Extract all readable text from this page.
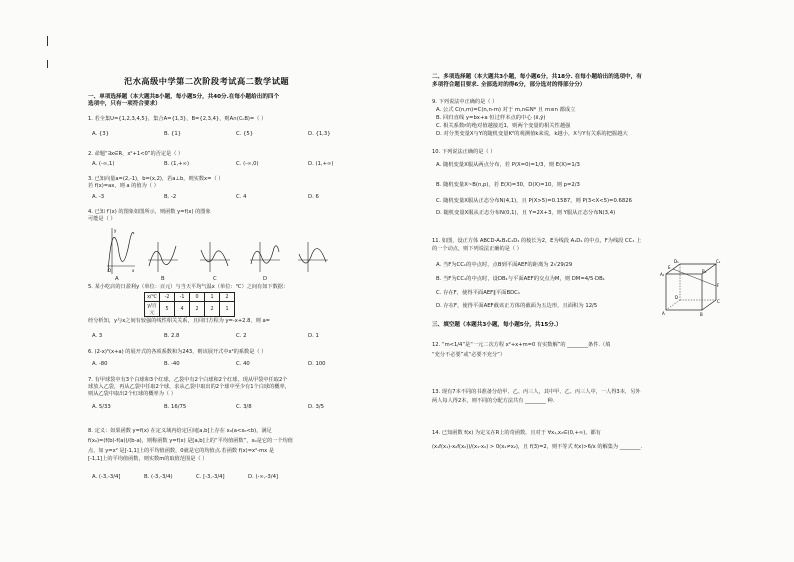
汜水高级中学第二次阶段考试高二数学试题
一、单项选择题（本大题共8小题，每小题5分，共40分.在每小题给出的四个
选项中，只有一项符合要求）
1. 若全集U={1,2,3,4,5}，集合A={1,3}，B={2,3,4}，则A∩(∁ᵤB)=（ ）
A. {3}	B. {1}	C. {5}	D. {1,3}
2. 命题“∃x∈R，x²+1<0”的否定是（ ）
A. (-∞,1)	B. (1,+∞)	C. (-∞,0)	D. (1,+∞)
3. 已知向量a=(2,-1)，b=(x,2)，若a⊥b，则实数x=（ ）
若 f(x)=ax，则 a 的值为（ ）
A. -3	B. -2	C. 4	D. 6
4. 已知 f′(x) 的图象如图所示，则函数 y=f(x) 的图象
可能是（ ）
y
x
O
A	B	C	D
5. 某小吃店的日盈利y（单位：百元）与当天平均气温x（单位：℃）之间有如下数据：
x/℃	-2	-1	0	1	2
y/百元	5	4	2	2	1
经分析知，y与x之间有较强的线性相关关系，且回归方程为 y=-x+2.8，则 a=
A. 3	B. 2.8	C. 2	D. 1
6. (2-x)⁵(x+a) 的展开式的各项系数和为243，则该展开式中x²的系数是（ ）
A. -80	B. -40	C. 40	D. 100
7. 有甲球袋中有3个白球和3个红球，乙袋中有2个白球和2个红球，现从甲袋中任取2个
球放入乙袋，再从乙袋中任取2个球，求从乙袋中取出的2个球中至少有1个白球的概率，
则从乙袋中取出2个红球的概率为（ ）
A. 5/33	B. 16/75	C. 3/8	D. 3/5
8. 定义：如果函数 y=f(x) 在定义域内给定区间[a,b]上存在 x₀(a<x₀<b)，满足
f(x₀)=(f(b)-f(a))/(b-a)，则称函数 y=f(x) 是[a,b]上的“平均值函数”，x₀是它的一个均值
点，如 y=x² 是[-1,1]上的平均值函数，0就是它的均值点.若函数 f(x)=x²-mx 是
[-1,1]上的平均值函数，则实数m的取值范围是（ ）
A. (-3,-3/4]	B. (-3,-3/4)	C. [-3,-3/4]	D. (-∞,-3/4]
二、多项选择题（本大题共3小题，每小题6分，共18分. 在每小题给出的选项中，有
多项符合题目要求. 全部选对的得6分，部分选对的得部分分）
9. 下列说法中正确的是（ ）
A. 公式 C(n,m)=C(n,n-m) 对于 m,n∈N* 且 m≤n 都成立
B. 回归直线 y=bx+a 恒过样本点的中心 (x̄,ȳ)
C. 相关系数r的绝对值越接近1，则两个变量的相关性越强
D. 对分类变量X与Y的随机变量K²的观测值k来说，k越小，X与Y有关系的把握越大
10. 下列说法正确的是（ ）
A. 随机变量X服从两点分布，若 P(X=0)=1/3，则 E(X)=1/3
B. 随机变量X~B(n,p)，若 E(X)=30，D(X)=10，则 p=2/3
C. 随机变量X服从正态分布N(4,1)，且 P(X>5)=0.1587，则 P(3<X<5)=0.6826
D. 随机变量X服从正态分布N(0,1)，且 Y=2X+3，则 Y服从正态分布N(3,4)
11. 如图，设正方体 ABCD-A₁B₁C₁D₁ 的棱长为2，E为线段 A₁D₁ 的中点，F为线段 CC₁ 上
的一个动点，则下列说法正确的是（ ）
A. 当F为CC₁的中点时，点B到平面AEF的距离为 2√29/29
B. 当F为CC₁的中点时，设DB₁与平面AEF的交点为M，则 DM=4/5·DB₁
C. 存在F，使得平面AEF∥平面BDC₁
D. 存在F，使得平面AEF截该正方体的截面为五边形，且面积为 12/5
D₁
E
A₁
C₁
B₁
F
D
C
A	B
三、填空题（本题共3小题，每小题5分，共15分.）
12. “m<1/4”是“一元二次方程 x²+x+m=0 有实数解”的 ________条件.（填
“充分不必要”或“必要不充分”）
13. 现有7本不同的书准备分给甲、乙、丙三人，其中甲、乙、丙三人中，一人得3本，另外
两人每人得2本，则不同的分配方法共有 ________ 种.
14. 已知函数 f(x) 为定义在R上的奇函数，且对于 ∀x₁,x₂∈(0,+∞)，都有
(x₁f(x₁)-x₂f(x₂))/(x₁-x₂) > 0(x₁≠x₂)，且 f(3)=2，则不等式 f(x)>6/x 的解集为 ________.
